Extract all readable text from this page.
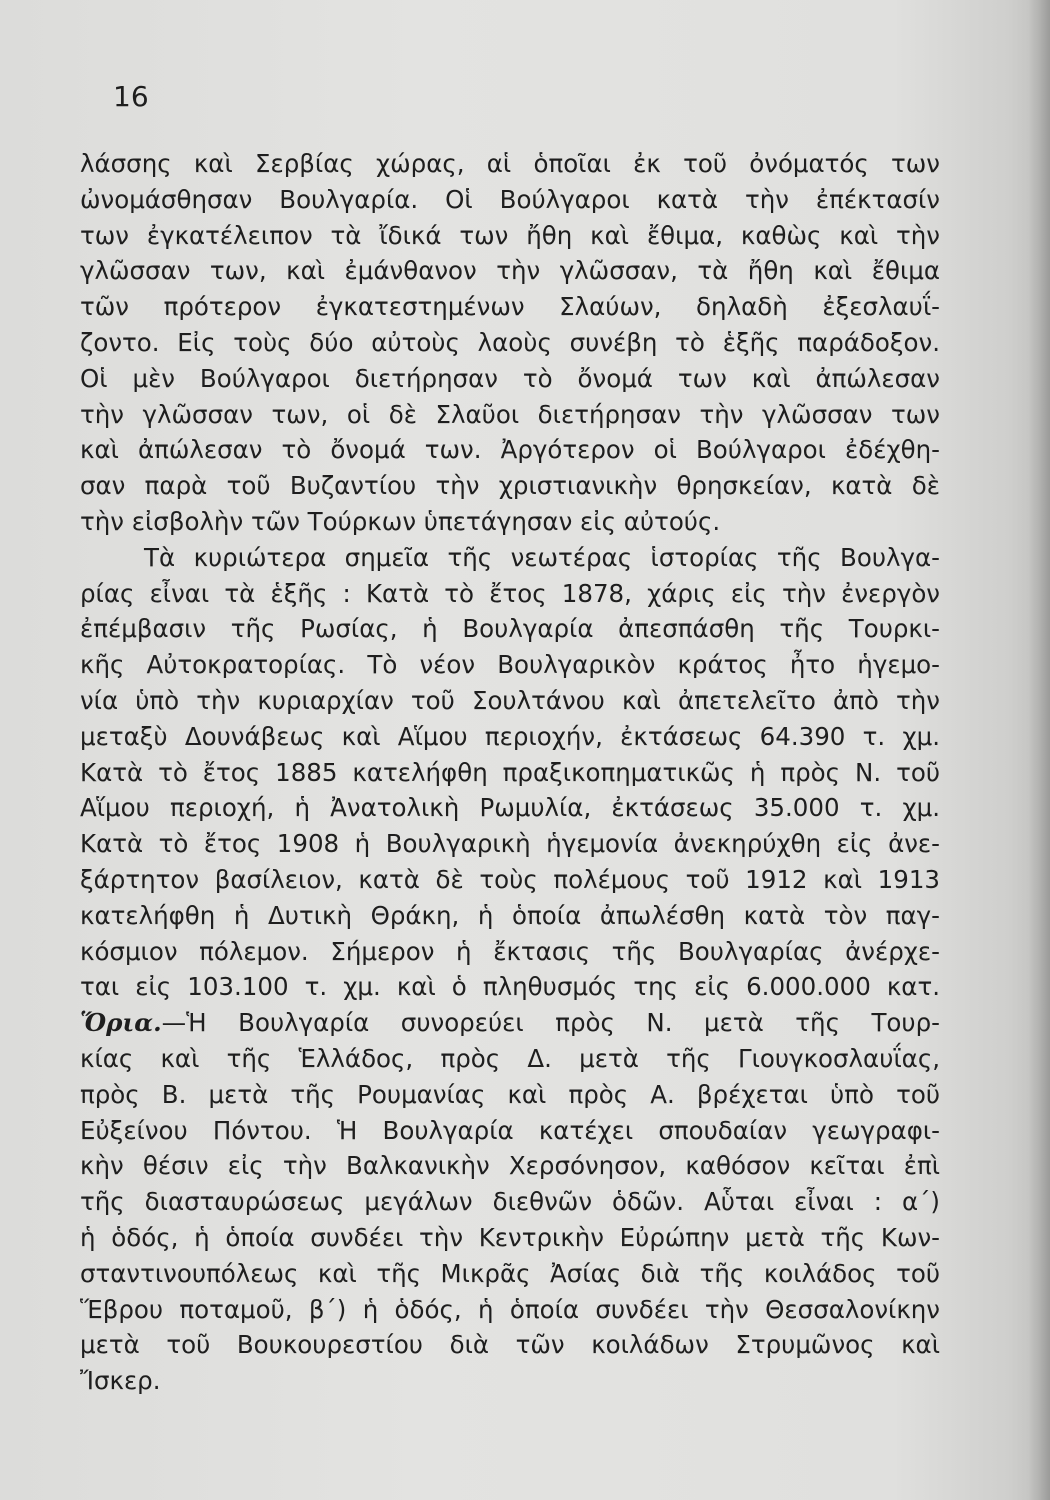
16
λάσσης καὶ Σερβίας χώρας, αἱ ὁποῖαι ἐκ τοῦ ὀνόματός των
ὠνομάσθησαν Βουλγαρία. Οἱ Βούλγαροι κατὰ τὴν ἐπέκτασίν
των ἐγκατέλειπον τὰ ἴδικά των ἤθη καὶ ἔθιμα, καθὼς καὶ τὴν
γλῶσσαν των, καὶ ἐμάνθανον τὴν γλῶσσαν, τὰ ἤθη καὶ ἔθιμα
τῶν πρότερον ἐγκατεστημένων Σλαύων, δηλαδὴ ἐξεσλαυΐ-
ζοντο. Εἰς τοὺς δύο αὐτοὺς λαοὺς συνέβη τὸ ἑξῆς παράδοξον.
Οἱ μὲν Βούλγαροι διετήρησαν τὸ ὄνομά των καὶ ἀπώλεσαν
τὴν γλῶσσαν των, οἱ δὲ Σλαῦοι διετήρησαν τὴν γλῶσσαν των
καὶ ἀπώλεσαν τὸ ὄνομά των. Ἀργότερον οἱ Βούλγαροι ἐδέχθη-
σαν παρὰ τοῦ Βυζαντίου τὴν χριστιανικὴν θρησκείαν, κατὰ δὲ
τὴν εἰσβολὴν τῶν Τούρκων ὑπετάγησαν εἰς αὐτούς.
Τὰ κυριώτερα σημεῖα τῆς νεωτέρας ἱστορίας τῆς Βουλγα-
ρίας εἶναι τὰ ἑξῆς : Κατὰ τὸ ἔτος 1878, χάρις εἰς τὴν ἐνεργὸν
ἐπέμβασιν τῆς Ρωσίας, ἡ Βουλγαρία ἀπεσπάσθη τῆς Τουρκι-
κῆς Αὐτοκρατορίας. Τὸ νέον Βουλγαρικὸν κράτος ἦτο ἡγεμο-
νία ὑπὸ τὴν κυριαρχίαν τοῦ Σουλτάνου καὶ ἀπετελεῖτο ἀπὸ τὴν
μεταξὺ Δουνάβεως καὶ Αἵμου περιοχήν, ἐκτάσεως 64.390 τ. χμ.
Κατὰ τὸ ἔτος 1885 κατελήφθη πραξικοπηματικῶς ἡ πρὸς Ν. τοῦ
Αἵμου περιοχή, ἡ Ἀνατολικὴ Ρωμυλία, ἐκτάσεως 35.000 τ. χμ.
Κατὰ τὸ ἔτος 1908 ἡ Βουλγαρικὴ ἡγεμονία ἀνεκηρύχθη εἰς ἀνε-
ξάρτητον βασίλειον, κατὰ δὲ τοὺς πολέμους τοῦ 1912 καὶ 1913
κατελήφθη ἡ Δυτικὴ Θράκη, ἡ ὁποία ἀπωλέσθη κατὰ τὸν παγ-
κόσμιον πόλεμον. Σήμερον ἡ ἔκτασις τῆς Βουλγαρίας ἀνέρχε-
ται εἰς 103.100 τ. χμ. καὶ ὁ πληθυσμός της εἰς 6.000.000 κατ.
Ὅρια.—Ἡ Βουλγαρία συνορεύει πρὸς Ν. μετὰ τῆς Τουρ-
κίας καὶ τῆς Ἑλλάδος, πρὸς Δ. μετὰ τῆς Γιουγκοσλαυΐας,
πρὸς Β. μετὰ τῆς Ρουμανίας καὶ πρὸς Α. βρέχεται ὑπὸ τοῦ
Εὐξείνου Πόντου. Ἡ Βουλγαρία κατέχει σπουδαίαν γεωγραφι-
κὴν θέσιν εἰς τὴν Βαλκανικὴν Χερσόνησον, καθόσον κεῖται ἐπὶ
τῆς διασταυρώσεως μεγάλων διεθνῶν ὁδῶν. Αὗται εἶναι : α΄)
ἡ ὁδός, ἡ ὁποία συνδέει τὴν Κεντρικὴν Εὐρώπην μετὰ τῆς Κων-
σταντινουπόλεως καὶ τῆς Μικρᾶς Ἀσίας διὰ τῆς κοιλάδος τοῦ
Ἕβρου ποταμοῦ, β΄) ἡ ὁδός, ἡ ὁποία συνδέει τὴν Θεσσαλονίκην
μετὰ τοῦ Βουκουρεστίου διὰ τῶν κοιλάδων Στρυμῶνος καὶ
Ἴσκερ.
